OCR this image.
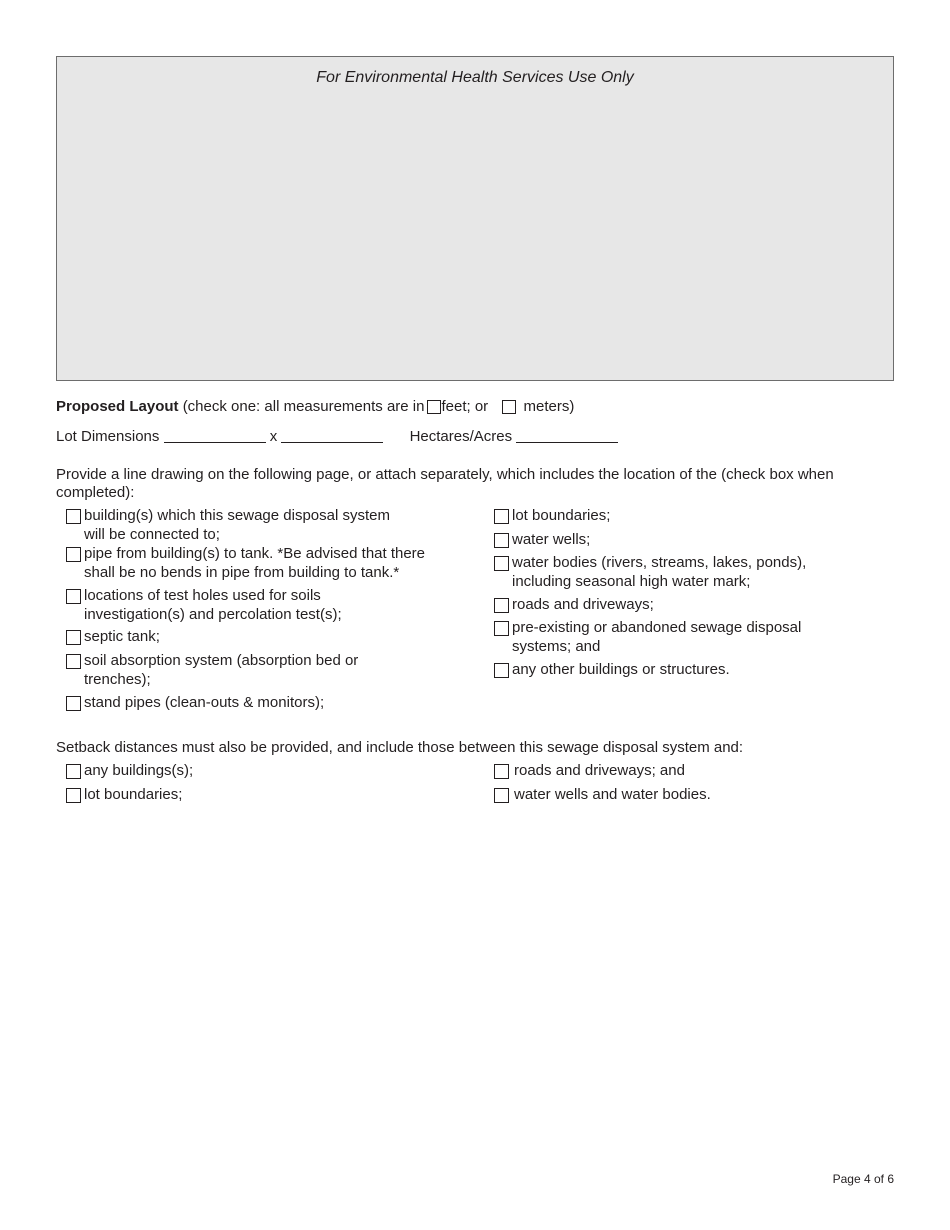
For Environmental Health Services Use Only
Proposed Layout (check one: all measurements are in feet; or meters)
Lot Dimensions	x	Hectares/Acres
Provide a line drawing on the following page, or attach separately, which includes the location of the (check box when completed):
building(s) which this sewage disposal system
will be connected to;
pipe from building(s) to tank. *Be advised that there
shall be no bends in pipe from building to tank.*
locations of test holes used for soils
investigation(s) and percolation test(s);
septic tank;
soil absorption system (absorption bed or
trenches);
stand pipes (clean-outs & monitors);
lot boundaries;
water wells;
water bodies (rivers, streams, lakes, ponds),
including seasonal high water mark;
roads and driveways;
pre-existing or abandoned sewage disposal
systems; and
any other buildings or structures.
Setback distances must also be provided, and include those between this sewage disposal system and:
any buildings(s);
lot boundaries;
roads and driveways; and
water wells and water bodies.
Page 4 of 6
